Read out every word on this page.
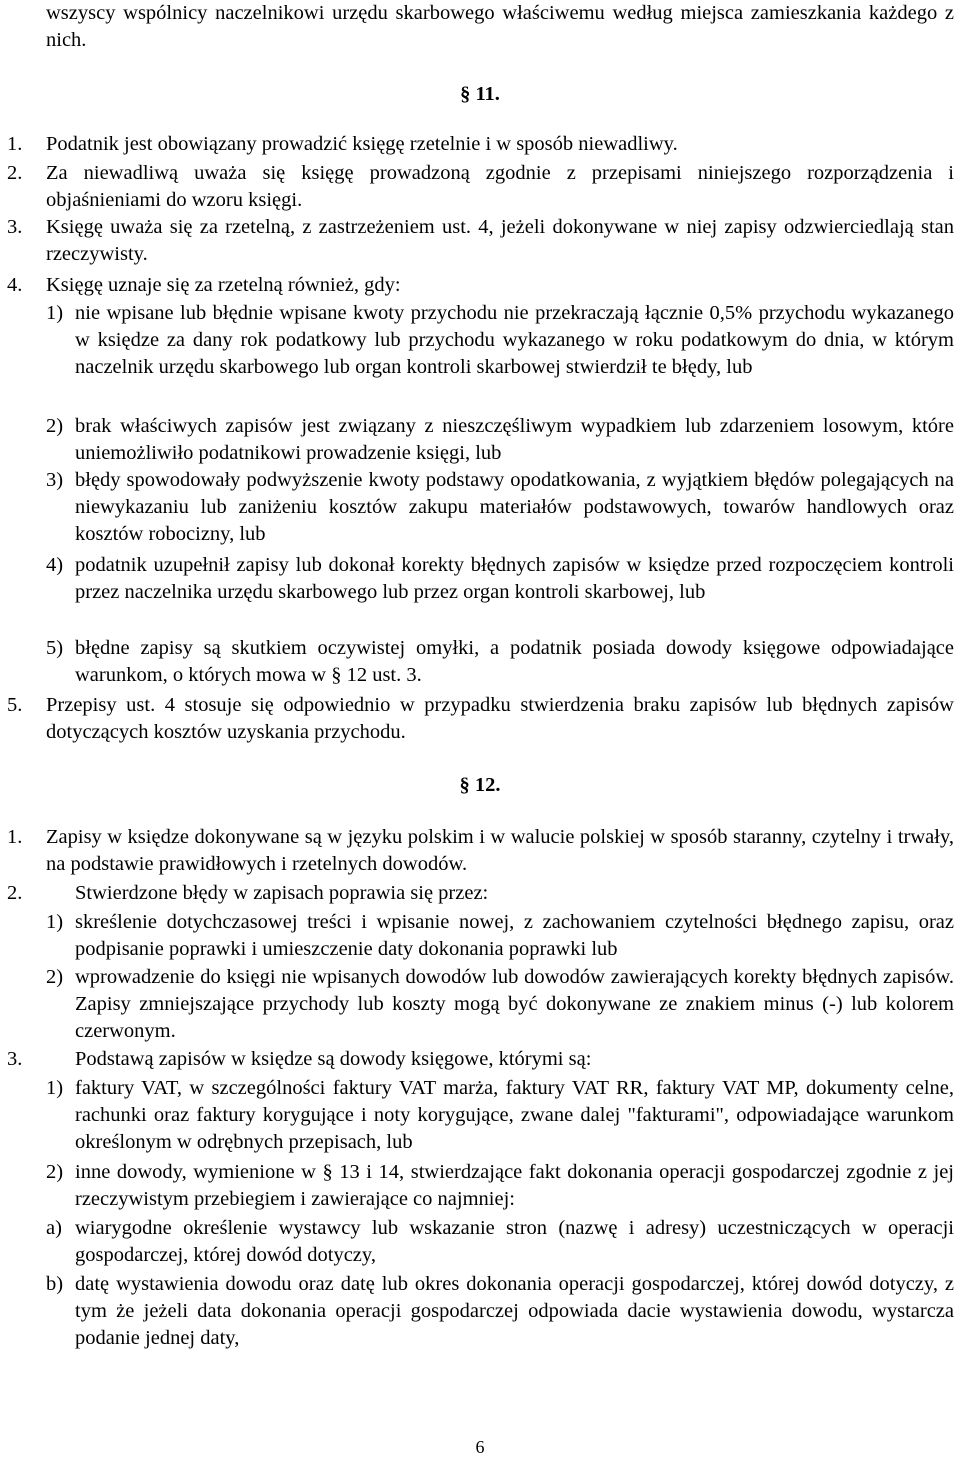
wszyscy wspólnicy naczelnikowi urzędu skarbowego właściwemu według miejsca zamieszkania każdego z nich.
§ 11.
1. Podatnik jest obowiązany prowadzić księgę rzetelnie i w sposób niewadliwy.
2. Za niewadliwą uważa się księgę prowadzoną zgodnie z przepisami niniejszego rozporządzenia i objaśnieniami do wzoru księgi.
3. Księgę uważa się za rzetelną, z zastrzeżeniem ust. 4, jeżeli dokonywane w niej zapisy odzwierciedlają stan rzeczywisty.
4. Księgę uznaje się za rzetelną również, gdy:
1) nie wpisane lub błędnie wpisane kwoty przychodu nie przekraczają łącznie 0,5% przychodu wykazanego w księdze za dany rok podatkowy lub przychodu wykazanego w roku podatkowym do dnia, w którym naczelnik urzędu skarbowego lub organ kontroli skarbowej stwierdził te błędy, lub
2) brak właściwych zapisów jest związany z nieszczęśliwym wypadkiem lub zdarzeniem losowym, które uniemożliwiło podatnikowi prowadzenie księgi, lub
3) błędy spowodowały podwyższenie kwoty podstawy opodatkowania, z wyjątkiem błędów polegających na niewykazaniu lub zaniżeniu kosztów zakupu materiałów podstawowych, towarów handlowych oraz kosztów robocizny, lub
4) podatnik uzupełnił zapisy lub dokonał korekty błędnych zapisów w księdze przed rozpoczęciem kontroli przez naczelnika urzędu skarbowego lub przez organ kontroli skarbowej, lub
5) błędne zapisy są skutkiem oczywistej omyłki, a podatnik posiada dowody księgowe odpowiadające warunkom, o których mowa w § 12 ust. 3.
5. Przepisy ust. 4 stosuje się odpowiednio w przypadku stwierdzenia braku zapisów lub błędnych zapisów dotyczących kosztów uzyskania przychodu.
§ 12.
1. Zapisy w księdze dokonywane są w języku polskim i w walucie polskiej w sposób staranny, czytelny i trwały, na podstawie prawidłowych i rzetelnych dowodów.
2.	Stwierdzone błędy w zapisach poprawia się przez:
1) skreślenie dotychczasowej treści i wpisanie nowej, z zachowaniem czytelności błędnego zapisu, oraz podpisanie poprawki i umieszczenie daty dokonania poprawki lub
2) wprowadzenie do księgi nie wpisanych dowodów lub dowodów zawierających korekty błędnych zapisów. Zapisy zmniejszające przychody lub koszty mogą być dokonywane ze znakiem minus (-) lub kolorem czerwonym.
3.	Podstawą zapisów w księdze są dowody księgowe, którymi są:
1) faktury VAT, w szczególności faktury VAT marża, faktury VAT RR, faktury VAT MP, dokumenty celne, rachunki oraz faktury korygujące i noty korygujące, zwane dalej "fakturami", odpowiadające warunkom określonym w odrębnych przepisach, lub
2) inne dowody, wymienione w § 13 i 14, stwierdzające fakt dokonania operacji gospodarczej zgodnie z jej rzeczywistym przebiegiem i zawierające co najmniej:
a) wiarygodne określenie wystawcy lub wskazanie stron (nazwę i adresy) uczestniczących w operacji gospodarczej, której dowód dotyczy,
b) datę wystawienia dowodu oraz datę lub okres dokonania operacji gospodarczej, której dowód dotyczy, z tym że jeżeli data dokonania operacji gospodarczej odpowiada dacie wystawienia dowodu, wystarcza podanie jednej daty,
6
